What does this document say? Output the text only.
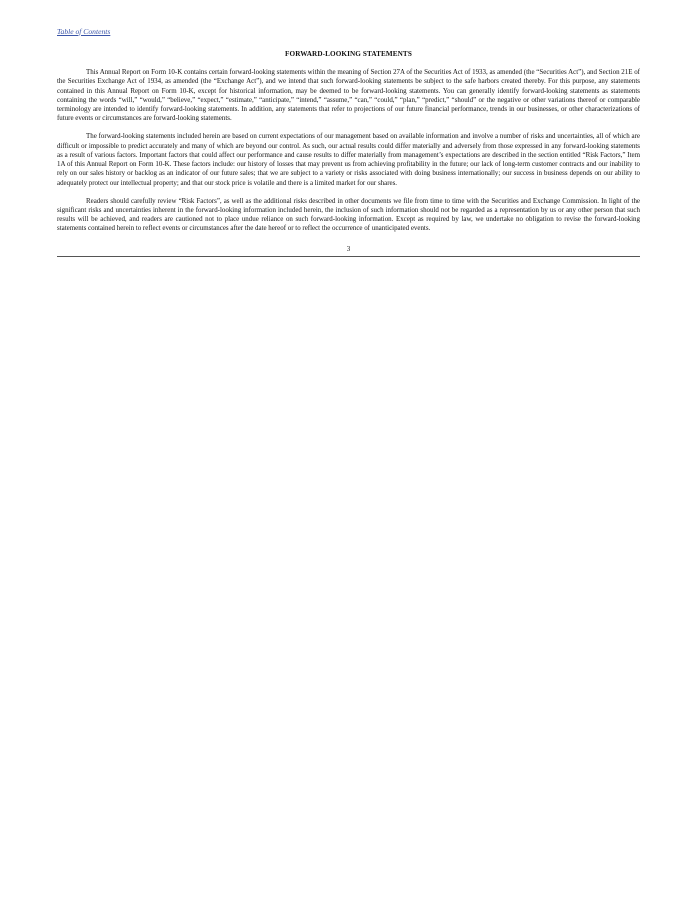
Table of Contents
FORWARD-LOOKING STATEMENTS

This Annual Report on Form 10-K contains certain forward-looking statements within the meaning of Section 27A of the Securities Act of 1933, as amended (the “Securities Act”), and Section 21E of the Securities Exchange Act of 1934, as amended (the “Exchange Act”), and we intend that such forward-looking statements be subject to the safe harbors created thereby. For this purpose, any statements contained in this Annual Report on Form 10-K, except for historical information, may be deemed to be forward-looking statements. You can generally identify forward-looking statements as statements containing the words “will,” “would,” “believe,” “expect,” “estimate,” “anticipate,” “intend,” “assume,” “can,” “could,” “plan,” “predict,” “should” or the negative or other variations thereof or comparable terminology are intended to identify forward-looking statements. In addition, any statements that refer to projections of our future financial performance, trends in our businesses, or other characterizations of future events or circumstances are forward-looking statements.

The forward-looking statements included herein are based on current expectations of our management based on available information and involve a number of risks and uncertainties, all of which are difficult or impossible to predict accurately and many of which are beyond our control. As such, our actual results could differ materially and adversely from those expressed in any forward-looking statements as a result of various factors. Important factors that could affect our performance and cause results to differ materially from management’s expectations are described in the section entitled “Risk Factors,” Item 1A of this Annual Report on Form 10-K. These factors include: our history of losses that may prevent us from achieving profitability in the future; our lack of long-term customer contracts and our inability to rely on our sales history or backlog as an indicator of our future sales; that we are subject to a variety or risks associated with doing business internationally; our success in business depends on our ability to adequately protect our intellectual property; and that our stock price is volatile and there is a limited market for our shares.

Readers should carefully review “Risk Factors”, as well as the additional risks described in other documents we file from time to time with the Securities and Exchange Commission. In light of the significant risks and uncertainties inherent in the forward-looking information included herein, the inclusion of such information should not be regarded as a representation by us or any other person that such results will be achieved, and readers are cautioned not to place undue reliance on such forward-looking information. Except as required by law, we undertake no obligation to revise the forward-looking statements contained herein to reflect events or circumstances after the date hereof or to reflect the occurrence of unanticipated events.

3
